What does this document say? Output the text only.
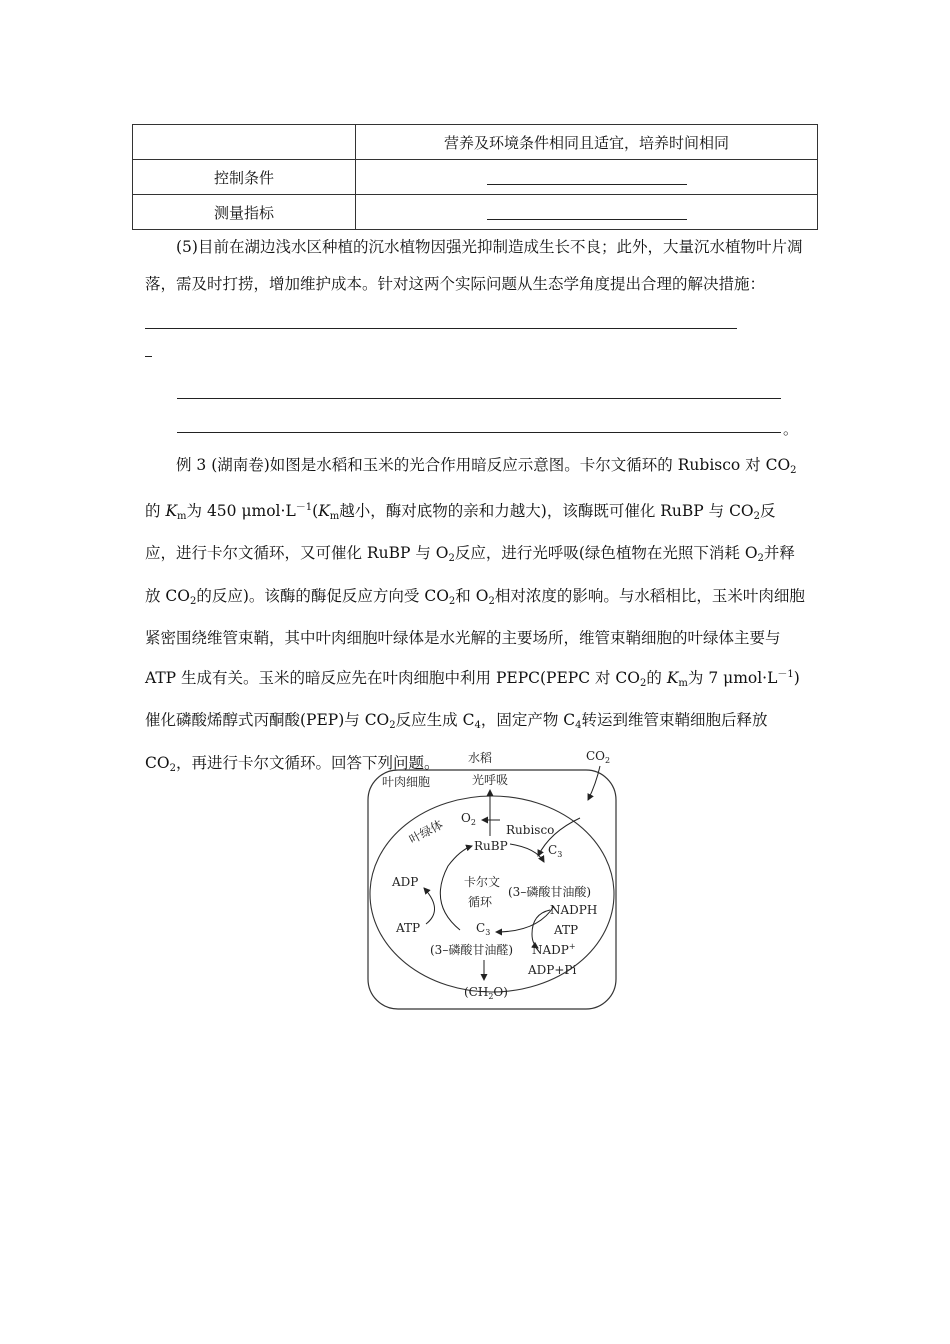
	营养及环境条件相同且适宜，培养时间相同
控制条件	
测量指标	
(5)目前在湖边浅水区种植的沉水植物因强光抑制造成生长不良；此外，大量沉水植物叶片凋落，需及时打捞，增加维护成本。针对这两个实际问题从生态学角度提出合理的解决措施：
。
例 3 (湖南卷)如图是水稻和玉米的光合作用暗反应示意图。卡尔文循环的 Rubisco 对 $CO_2$的 $K_m$为 450 $\mu mol\cdot L^{-1}(K_m$越小，酶对底物的亲和力越大)，该酶既可催化 RuBP 与 $CO_2$反应，进行卡尔文循环，又可催化 RuBP 与 $O_2$反应，进行光呼吸(绿色植物在光照下消耗 $O_2$并释放 $CO_2$的反应)。该酶的酶促反应方向受 $CO_2$和 $O_2$相对浓度的影响。与水稻相比，玉米叶肉细胞紧密围绕维管束鞘，其中叶肉细胞叶绿体是水光解的主要场所，维管束鞘细胞的叶绿体主要与 ATP 生成有关。玉米的暗反应先在叶肉细胞中利用 PEPC(PEPC 对 $CO_2$的 $K_m$为 7 $\mu mol\cdot L^{-1}$)催化磷酸烯醇式丙酮酸(PEP)与 $CO_2$反应生成 $C_4$，固定产物 $C_4$转运到维管束鞘细胞后释放 $CO_2$，再进行卡尔文循环。回答下列问题。	水稻
光呼吸
$CO_2$
叶肉细胞
叶绿体 $O_2$
Rubisco
RuBP	$C_3$
(3–磷酸甘油酸)
卡尔文
循环
ADP
ATP
NADPH
ATP
NADP+
ADP+Pi
$C_3$
(3–磷酸甘油醛)
$(CH_2O)$
